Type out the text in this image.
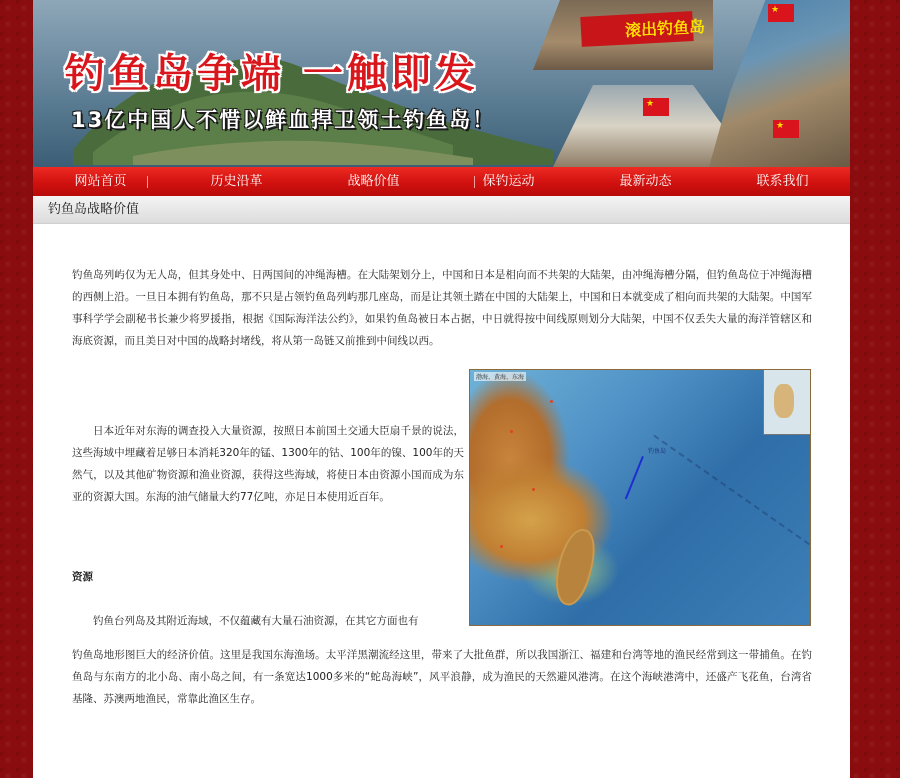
滚出钓鱼岛
★
★
★
钓鱼岛争端 一触即发
13亿中国人不惜以鲜血捍卫领土钓鱼岛！
网站首页	历史沿革	战略价值	保钓运动	最新动态	联系我们
钓鱼岛战略价值

钓鱼岛列屿仅为无人岛，但其身处中、日两国间的冲绳海槽。在大陆架划分上，中国和日本是相向而不共架的大陆架，由冲绳海槽分隔，但钓鱼岛位于冲绳海槽的西侧上沿。一旦日本拥有钓鱼岛，那不只是占领钓鱼岛列屿那几座岛，而是让其领土踏在中国的大陆架上，中国和日本就变成了相向而共架的大陆架。中国军事科学学会副秘书长兼少将罗援指，根据《国际海洋法公约》，如果钓鱼岛被日本占据，中日就得按中间线原则划分大陆架，中国不仅丢失大量的海洋管辖区和海底资源，而且美日对中国的战略封堵线，将从第一岛链又前推到中间线以西。

渤海、黄海、东海
钓鱼岛

日本近年对东海的调查投入大量资源，按照日本前国土交通大臣扇千景的说法，这些海域中埋藏着足够日本消耗320年的锰、1300年的钴、100年的镍、100年的天然气，以及其他矿物资源和渔业资源，获得这些海域，将使日本由资源小国而成为东亚的资源大国。东海的油气储量大约77亿吨，亦足日本使用近百年。

资源

钓鱼台列岛及其附近海域，不仅蕴藏有大量石油资源，在其它方面也有

钓鱼岛地形图巨大的经济价值。这里是我国东海渔场。太平洋黑潮流经这里，带来了大批鱼群，所以我国浙江、福建和台湾等地的渔民经常到这一带捕鱼。在钓鱼岛与东南方的北小岛、南小岛之间，有一条宽达1000多米的“蛇岛海峡”，风平浪静，成为渔民的天然避风港湾。在这个海峡港湾中，还盛产飞花鱼，台湾省基隆、苏澳两地渔民，常靠此渔区生存。
